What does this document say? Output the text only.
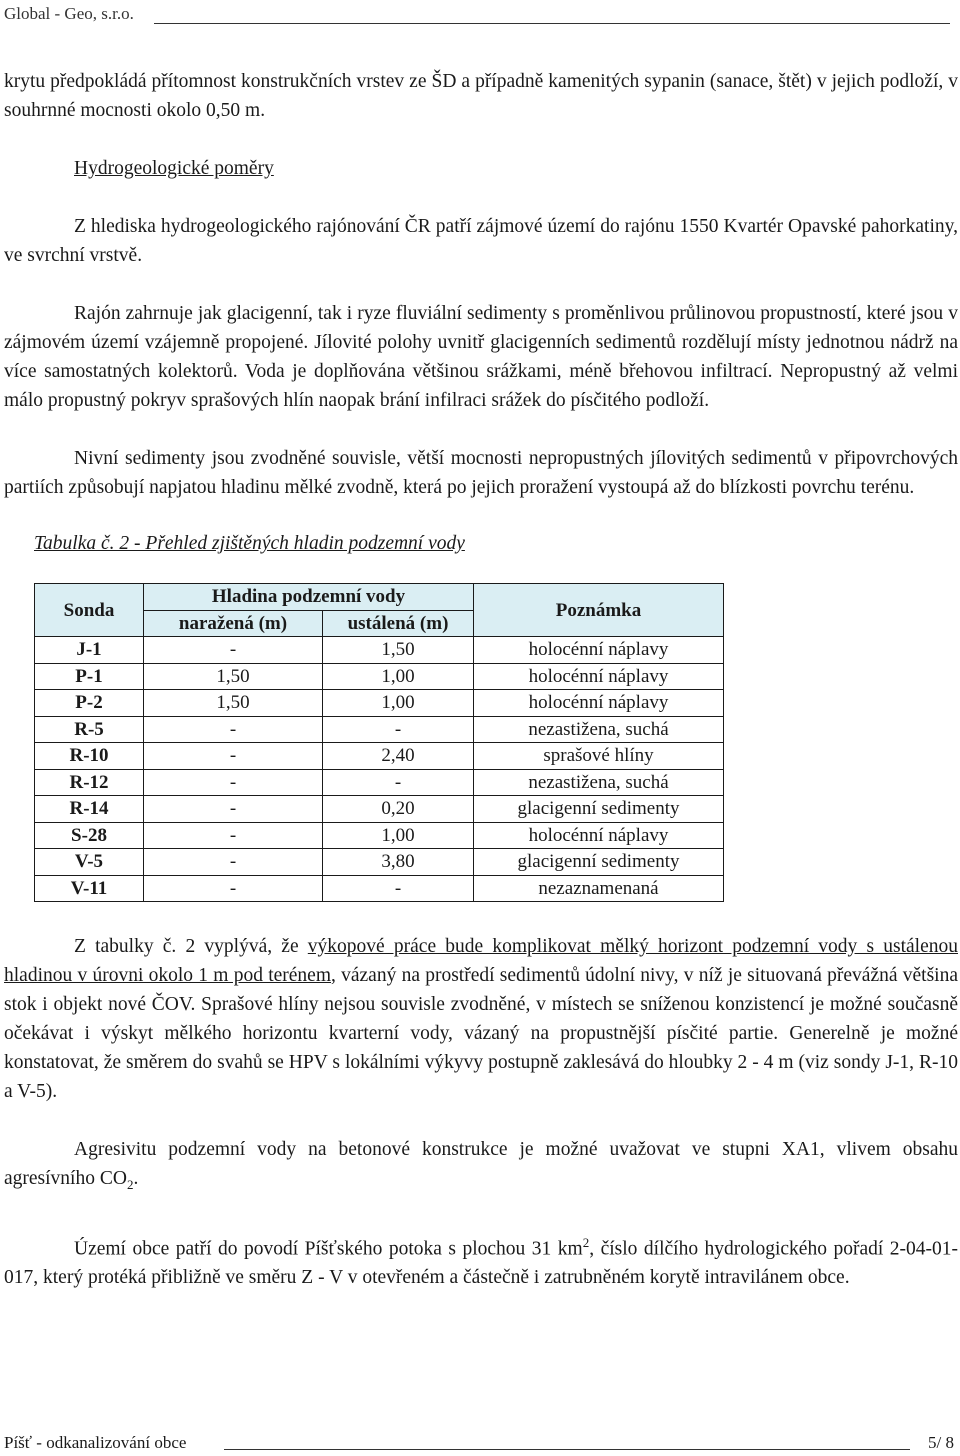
Global - Geo, s.r.o.

krytu předpokládá přítomnost konstrukčních vrstev ze ŠD a případně kamenitých sypanin (sanace, štět) v jejich podloží, v souhrnné mocnosti okolo 0,50 m.

Hydrogeologické poměry

Z hlediska hydrogeologického rajónování ČR patří zájmové území do rajónu 1550 Kvartér Opavské pahorkatiny, ve svrchní vrstvě.

Rajón zahrnuje jak glacigenní, tak i ryze fluviální sedimenty s proměnlivou průlinovou propustností, které jsou v zájmovém území vzájemně propojené. Jílovité polohy uvnitř glacigenních sedimentů rozdělují místy jednotnou nádrž na více samostatných kolektorů. Voda je doplňována většinou srážkami, méně břehovou infiltrací. Nepropustný až velmi málo propustný pokryv sprašových hlín naopak brání infilraci srážek do písčitého podloží.

Nivní sedimenty jsou zvodněné souvisle, větší mocnosti nepropustných jílovitých sedimentů v připovrchových partiích způsobují napjatou hladinu mělké zvodně, která po jejich proražení vystoupá až do blízkosti povrchu terénu.

Tabulka č. 2 - Přehled zjištěných hladin podzemní vody

Sonda	Hladina podzemní vody		Poznámka
	naražená (m)	ustálená (m)	
J-1	-	1,50	holocénní náplavy
P-1	1,50	1,00	holocénní náplavy
P-2	1,50	1,00	holocénní náplavy
R-5	-	-	nezastižena, suchá
R-10	-	2,40	sprašové hlíny
R-12	-	-	nezastižena, suchá
R-14	-	0,20	glacigenní sedimenty
S-28	-	1,00	holocénní náplavy
V-5	-	3,80	glacigenní sedimenty
V-11	-	-	nezaznamenaná

Z tabulky č. 2 vyplývá, že výkopové práce bude komplikovat mělký horizont podzemní vody s ustálenou hladinou v úrovni okolo 1 m pod terénem, vázaný na prostředí sedimentů údolní nivy, v níž je situovaná převážná většina stok i objekt nové ČOV. Sprašové hlíny nejsou souvisle zvodněné, v místech se sníženou konzistencí je možné současně očekávat i výskyt mělkého horizontu kvarterní vody, vázaný na propustnější písčité partie. Generelně je možné konstatovat, že směrem do svahů se HPV s lokálními výkyvy postupně zaklesává do hloubky 2 - 4 m (viz sondy J-1, R-10 a V-5).

Agresivitu podzemní vody na betonové konstrukce je možné uvažovat ve stupni XA1, vlivem obsahu agresívního $CO_2$.

Území obce patří do povodí Píšťského potoka s plochou 31 $km^2$, číslo dílčího hydrologického pořadí 2-04-01-017, který protéká přibližně ve směru Z - V v otevřeném a částečně i zatrubněném korytě intravilánem obce.

Píšť - odkanalizování obce	5/ 8
